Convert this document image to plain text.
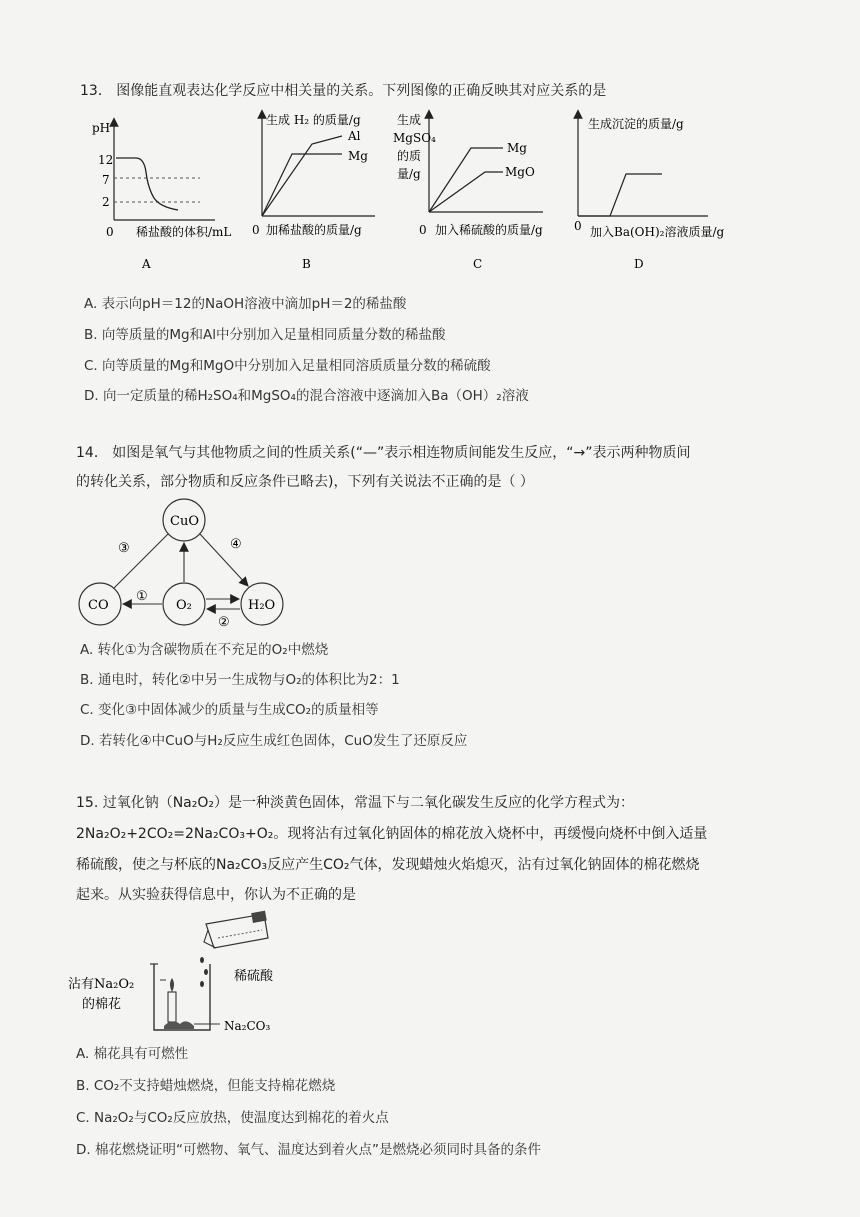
13． 图像能直观表达化学反应中相关量的关系。下列图像的正确反映其对应关系的是
pH
12
7
2
0 稀盐酸的体积/mL
A
生成 H₂ 的质量/g
Al
Mg
0 加稀盐酸的质量/g
B
生成
MgSO₄
的质
量/g
Mg
MgO
0 加入稀硫酸的质量/g
C
生成沉淀的质量/g
0 加入Ba(OH)₂溶液质量/g
D
A. 表示向pH＝12的NaOH溶液中滴加pH＝2的稀盐酸
B. 向等质量的Mg和Al中分别加入足量相同质量分数的稀盐酸
C. 向等质量的Mg和MgO中分别加入足量相同溶质质量分数的稀硫酸
D. 向一定质量的稀H₂SO₄和MgSO₄的混合溶液中逐滴加入Ba（OH）₂溶液
14． 如图是氧气与其他物质之间的性质关系(“—”表示相连物质间能发生反应，“→”表示两种物质间
的转化关系，部分物质和反应条件已略去)，下列有关说法不正确的是（ ）
CuO
CO	O₂	H₂O
③	④
①
②
A. 转化①为含碳物质在不充足的O₂中燃烧
B. 通电时，转化②中另一生成物与O₂的体积比为2：1
C. 变化③中固体减少的质量与生成CO₂的质量相等
D. 若转化④中CuO与H₂反应生成红色固体，CuO发生了还原反应
15. 过氧化钠（Na₂O₂）是一种淡黄色固体，常温下与二氧化碳发生反应的化学方程式为：
2Na₂O₂+2CO₂=2Na₂CO₃+O₂。现将沾有过氧化钠固体的棉花放入烧杯中，再缓慢向烧杯中倒入适量
稀硫酸，使之与杯底的Na₂CO₃反应产生CO₂气体，发现蜡烛火焰熄灭，沾有过氧化钠固体的棉花燃烧
起来。从实验获得信息中，你认为不正确的是
稀硫酸
Na₂CO₃
沾有Na₂O₂
的棉花
A. 棉花具有可燃性
B. CO₂不支持蜡烛燃烧，但能支持棉花燃烧
C. Na₂O₂与CO₂反应放热，使温度达到棉花的着火点
D. 棉花燃烧证明“可燃物、氧气、温度达到着火点”是燃烧必须同时具备的条件
